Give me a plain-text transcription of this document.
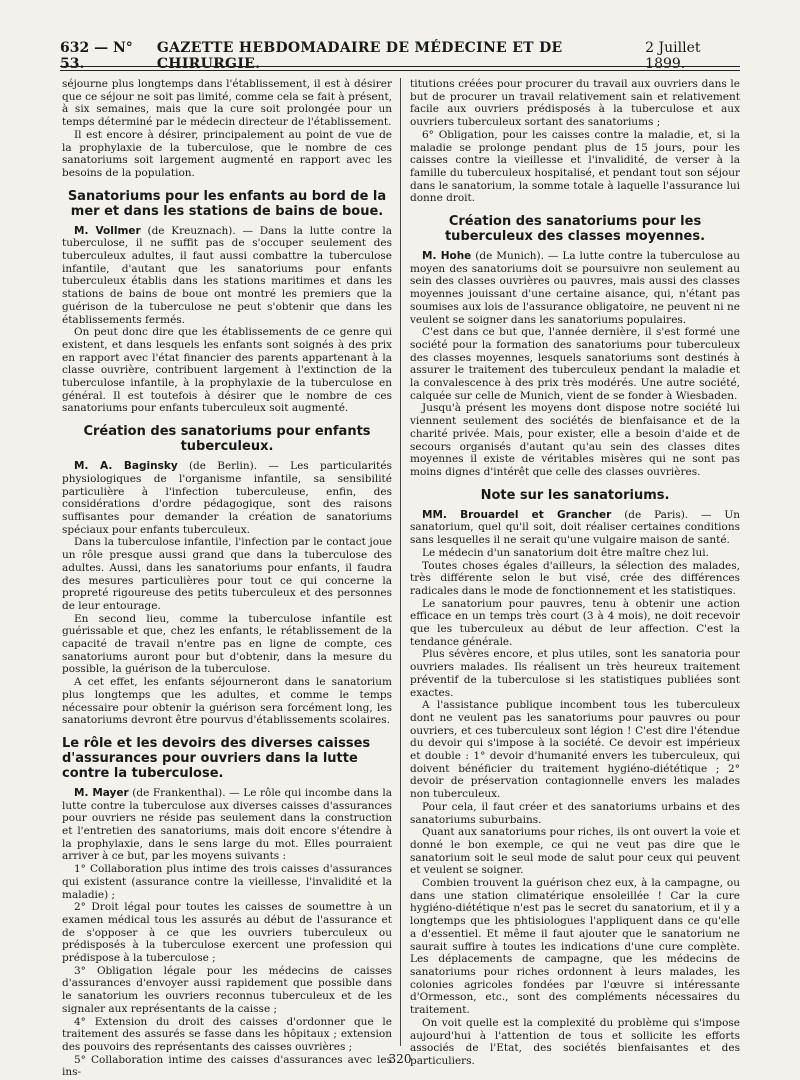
632 — N° 53.
GAZETTE HEBDOMADAIRE DE MÉDECINE ET DE CHIRURGIE.
2 Juillet 1899.

séjourne plus longtemps dans l'établissement, il est à désirer que ce séjour ne soit pas limité, comme cela se fait à présent, à six semaines, mais que la cure soit prolongée pour un temps déterminé par le médecin directeur de l'établissement.

Il est encore à désirer, principalement au point de vue de la prophylaxie de la tuberculose, que le nombre de ces sanatoriums soit largement augmenté en rapport avec les besoins de la population.

Sanatoriums pour les enfants au bord de la mer et dans les stations de bains de boue.

M. Vollmer (de Kreuznach). — Dans la lutte contre la tuberculose, il ne suffit pas de s'occuper seulement des tuberculeux adultes, il faut aussi combattre la tuberculose infantile, d'autant que les sanatoriums pour enfants tuberculeux établis dans les stations maritimes et dans les stations de bains de boue ont montré les premiers que la guérison de la tuberculose ne peut s'obtenir que dans les établissements fermés.

On peut donc dire que les établissements de ce genre qui existent, et dans lesquels les enfants sont soignés à des prix en rapport avec l'état financier des parents appartenant à la classe ouvrière, contribuent largement à l'extinction de la tuberculose infantile, à la prophylaxie de la tuberculose en général. Il est toutefois à désirer que le nombre de ces sanatoriums pour enfants tuberculeux soit augmenté.

Création des sanatoriums pour enfants tuberculeux.

M. A. Baginsky (de Berlin). — Les particularités physiologiques de l'organisme infantile, sa sensibilité particulière à l'infection tuberculeuse, enfin, des considérations d'ordre pédagogique, sont des raisons suffisantes pour demander la création de sanatoriums spéciaux pour enfants tuberculeux.

Dans la tuberculose infantile, l'infection par le contact joue un rôle presque aussi grand que dans la tuberculose des adultes. Aussi, dans les sanatoriums pour enfants, il faudra des mesures particulières pour tout ce qui concerne la propreté rigoureuse des petits tuberculeux et des personnes de leur entourage.

En second lieu, comme la tuberculose infantile est guérissable et que, chez les enfants, le rétablissement de la capacité de travail n'entre pas en ligne de compte, ces sanatoriums auront pour but d'obtenir, dans la mesure du possible, la guérison de la tuberculose.

A cet effet, les enfants séjourneront dans le sanatorium plus longtemps que les adultes, et comme le temps nécessaire pour obtenir la guérison sera forcément long, les sanatoriums devront être pourvus d'établissements scolaires.

Le rôle et les devoirs des diverses caisses d'assurances pour ouvriers dans la lutte contre la tuberculose.

M. Mayer (de Frankenthal). — Le rôle qui incombe dans la lutte contre la tuberculose aux diverses caisses d'assurances pour ouvriers ne réside pas seulement dans la construction et l'entretien des sanatoriums, mais doit encore s'étendre à la prophylaxie, dans le sens large du mot. Elles pourraient arriver à ce but, par les moyens suivants :

1° Collaboration plus intime des trois caisses d'assurances qui existent (assurance contre la vieillesse, l'invalidité et la maladie) ;

2° Droit légal pour toutes les caisses de soumettre à un examen médical tous les assurés au début de l'assurance et de s'opposer à ce que les ouvriers tuberculeux ou prédisposés à la tuberculose exercent une profession qui prédispose à la tuberculose ;

3° Obligation légale pour les médecins de caisses d'assurances d'envoyer aussi rapidement que possible dans le sanatorium les ouvriers reconnus tuberculeux et de les signaler aux représentants de la caisse ;

4° Extension du droit des caisses d'ordonner que le traitement des assurés se fasse dans les hôpitaux ; extension des pouvoirs des représentants des caisses ouvrières ;

5° Collaboration intime des caisses d'assurances avec les ins-

titutions créées pour procurer du travail aux ouvriers dans le but de procurer un travail relativement sain et relativement facile aux ouvriers prédisposés à la tuberculose et aux ouvriers tuberculeux sortant des sanatoriums ;

6° Obligation, pour les caisses contre la maladie, et, si la maladie se prolonge pendant plus de 15 jours, pour les caisses contre la vieillesse et l'invalidité, de verser à la famille du tuberculeux hospitalisé, et pendant tout son séjour dans le sanatorium, la somme totale à laquelle l'assurance lui donne droit.

Création des sanatoriums pour les tuberculeux des classes moyennes.

M. Hohe (de Munich). — La lutte contre la tuberculose au moyen des sanatoriums doit se poursuivre non seulement au sein des classes ouvrières ou pauvres, mais aussi des classes moyennes jouissant d'une certaine aisance, qui, n'étant pas soumises aux lois de l'assurance obligatoire, ne peuvent ni ne veulent se soigner dans les sanatoriums populaires.

C'est dans ce but que, l'année dernière, il s'est formé une société pour la formation des sanatoriums pour tuberculeux des classes moyennes, lesquels sanatoriums sont destinés à assurer le traitement des tuberculeux pendant la maladie et la convalescence à des prix très modérés. Une autre société, calquée sur celle de Munich, vient de se fonder à Wiesbaden.

Jusqu'à présent les moyens dont dispose notre société lui viennent seulement des sociétés de bienfaisance et de la charité privée. Mais, pour exister, elle a besoin d'aide et de secours organisés d'autant qu'au sein des classes dites moyennes il existe de véritables misères qui ne sont pas moins dignes d'intérêt que celle des classes ouvrières.

Note sur les sanatoriums.

MM. Brouardel et Grancher (de Paris). — Un sanatorium, quel qu'il soit, doit réaliser certaines conditions sans lesquelles il ne serait qu'une vulgaire maison de santé.

Le médecin d'un sanatorium doit être maître chez lui.

Toutes choses égales d'ailleurs, la sélection des malades, très différente selon le but visé, crée des différences radicales dans le mode de fonctionnement et les statistiques.

Le sanatorium pour pauvres, tenu à obtenir une action efficace en un temps très court (3 à 4 mois), ne doit recevoir que les tuberculeux au début de leur affection. C'est la tendance générale.

Plus sévères encore, et plus utiles, sont les sanatoria pour ouvriers malades. Ils réalisent un très heureux traitement préventif de la tuberculose si les statistiques publiées sont exactes.

A l'assistance publique incombent tous les tuberculeux dont ne veulent pas les sanatoriums pour pauvres ou pour ouvriers, et ces tuberculeux sont légion ! C'est dire l'étendue du devoir qui s'impose à la société. Ce devoir est impérieux et double : 1° devoir d'humanité envers les tuberculeux, qui doivent bénéficier du traitement hygiéno-diététique ; 2° devoir de préservation contagionnelle envers les malades non tuberculeux.

Pour cela, il faut créer et des sanatoriums urbains et des sanatoriums suburbains.

Quant aux sanatoriums pour riches, ils ont ouvert la voie et donné le bon exemple, ce qui ne veut pas dire que le sanatorium soit le seul mode de salut pour ceux qui peuvent et veulent se soigner.

Combien trouvent la guérison chez eux, à la campagne, ou dans une station climatérique ensoleillée ! Car la cure hygiéno-diététique n'est pas le secret du sanatorium, et il y a longtemps que les phtisiologues l'appliquent dans ce qu'elle a d'essentiel. Et même il faut ajouter que le sanatorium ne saurait suffire à toutes les indications d'une cure complète. Les déplacements de campagne, que les médecins de sanatoriums pour riches ordonnent à leurs malades, les colonies agricoles fondées par l'œuvre si intéressante d'Ormesson, etc., sont des compléments nécessaires du traitement.

On voit quelle est la complexité du problème qui s'impose aujourd'hui à l'attention de tous et sollicite les efforts associés de l'Etat, des sociétés bienfaisantes et des particuliers.

320
